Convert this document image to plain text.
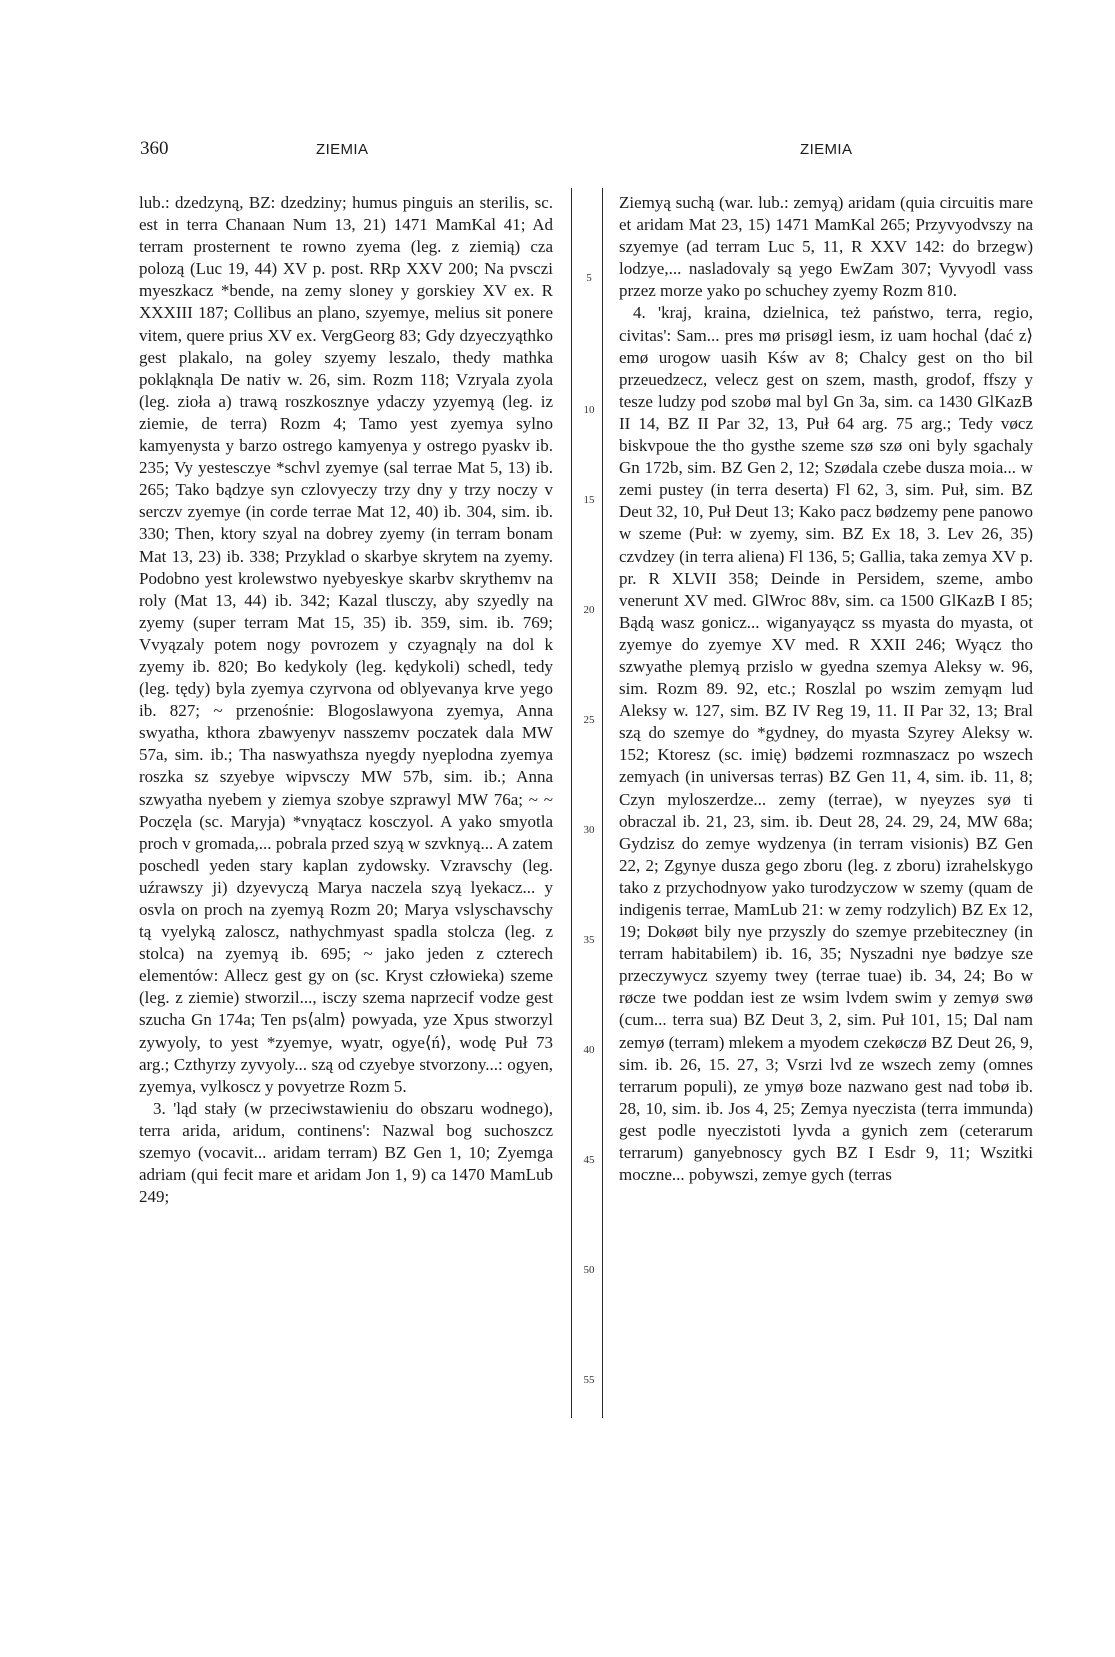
360	ZIEMIA	ZIEMIA

lub.: dzedzyną, BZ: dzedziny; humus pinguis an sterilis, sc. est in terra Chanaan Num 13, 21) 1471 MamKal 41; Ad terram prosternent te rowno zyema (leg. z ziemią) cza polozą (Luc 19, 44) XV p. post. RRp XXV 200; Na pvsczi myeszkacz *bende, na zemy sloney y gorskiey XV ex. R XXXIII 187; Collibus an plano, szyemye, melius sit ponere vitem, quere prius XV ex. VergGeorg 83; Gdy dzyeczyąthko gest plakalo, na goley szyemy leszalo, thedy mathka pokląknąla De nativ w. 26, sim. Rozm 118; Vzryala zyola (leg. zioła a) trawą roszkosznye ydaczy yzyemyą (leg. iz ziemie, de terra) Rozm 4; Tamo yest zyemya sylno kamyenysta y barzo ostrego kamyenya y ostrego pyaskv ib. 235; Vy yestesczye *schvl zyemye (sal terrae Mat 5, 13) ib. 265; Tako bądzye syn czlovyeczy trzy dny y trzy noczy v serczv zyemye (in corde terrae Mat 12, 40) ib. 304, sim. ib. 330; Then, ktory szyal na dobrey zyemy (in terram bonam Mat 13, 23) ib. 338; Przyklad o skarbye skrytem na zyemy. Podobno yest krolewstwo nyebyeskye skarbv skrythemv na roly (Mat 13, 44) ib. 342; Kazal tlusczy, aby szyedly na zyemy (super terram Mat 15, 35) ib. 359, sim. ib. 769; Vvyązaly potem nogy povrozem y czyagnąly na dol k zyemy ib. 820; Bo kedykoly (leg. kędykoli) schedl, tedy (leg. tędy) byla zyemya czyrvona od oblyevanya krve yego ib. 827; ~ przenośnie: Blogoslawyona zyemya, Anna swyatha, kthora zbawyenyv nasszemv poczatek dala MW 57a, sim. ib.; Tha naswyathsza nyegdy nyeplodna zyemya roszka sz szyebye wipvsczy MW 57b, sim. ib.; Anna szwyatha nyebem y ziemya szobye szprawyl MW 76a; ~ ~ Poczęla (sc. Maryja) *vnyątacz kosczyol. A yako smyotla proch v gromada,... pobrala przed szyą w szvknyą... A zatem poschedl yeden stary kaplan zydowsky. Vzravschy (leg. uźrawszy ji) dzyevyczą Marya naczela szyą lyekacz... y osvla on proch na zyemyą Rozm 20; Marya vslyschavschy tą vyelyką zaloscz, nathychmyast spadla stolcza (leg. z stolca) na zyemyą ib. 695; ~ jako jeden z czterech elementów: Allecz gest gy on (sc. Kryst człowieka) szeme (leg. z ziemie) stworzil..., isczy szema naprzecif vodze gest szucha Gn 174a; Ten ps⟨alm⟩ powyada, yze Xpus stworzyl zywyoly, to yest *zyemye, wyatr, ogye⟨ń⟩, wodę Puł 73 arg.; Czthyrzy zyvyoly... szą od czyebye stvorzony...: ogyen, zyemya, vylkoscz y povyetrze Rozm 5.

3. 'ląd stały (w przeciwstawieniu do obszaru wodnego), terra arida, aridum, continens': Nazwal bog suchoszcz szemyo (vocavit... aridam terram) BZ Gen 1, 10; Zyemga adriam (qui fecit mare et aridam Jon 1, 9) ca 1470 MamLub 249;

5
10
15
20
25
30
35
40
45
50
55

Ziemyą suchą (war. lub.: zemyą) aridam (quia circuitis mare et aridam Mat 23, 15) 1471 MamKal 265; Przyvyodvszy na szyemye (ad terram Luc 5, 11, R XXV 142: do brzegw) lodzye,... nasladovaly są yego EwZam 307; Vyvyodl vass przez morze yako po schuchey zyemy Rozm 810.

4. 'kraj, kraina, dzielnica, też państwo, terra, regio, civitas': Sam... pres mø prisøgl iesm, iz uam hochal ⟨dać z⟩emø urogow uasih Kśw av 8; Chalcy gest on tho bil przeuedzecz, velecz gest on szem, masth, grodof, ffszy y tesze ludzy pod szobø mal byl Gn 3a, sim. ca 1430 GlKazB II 14, BZ II Par 32, 13, Puł 64 arg. 75 arg.; Tedy vøcz biskvpoue the tho gysthe szeme szø szø oni byly sgachaly Gn 172b, sim. BZ Gen 2, 12; Szødala czebe dusza moia... w zemi pustey (in terra deserta) Fl 62, 3, sim. Puł, sim. BZ Deut 32, 10, Puł Deut 13; Kako pacz bødzemy pene panowo w szeme (Puł: w zyemy, sim. BZ Ex 18, 3. Lev 26, 35) czvdzey (in terra aliena) Fl 136, 5; Gallia, taka zemya XV p. pr. R XLVII 358; Deinde in Persidem, szeme, ambo venerunt XV med. GlWroc 88v, sim. ca 1500 GlKazB I 85; Bądą wasz gonicz... wiganyayącz ss myasta do myasta, ot zyemye do zyemye XV med. R XXII 246; Wyącz tho szwyathe plemyą przislo w gyedna szemya Aleksy w. 96, sim. Rozm 89. 92, etc.; Roszlal po wszim zemyąm lud Aleksy w. 127, sim. BZ IV Reg 19, 11. II Par 32, 13; Bral szą do szemye do *gydney, do myasta Szyrey Aleksy w. 152; Ktoresz (sc. imię) bødzemi rozmnaszacz po wszech zemyach (in universas terras) BZ Gen 11, 4, sim. ib. 11, 8; Czyn myloszerdze... zemy (terrae), w nyeyzes syø ti obraczal ib. 21, 23, sim. ib. Deut 28, 24. 29, 24, MW 68a; Gydzisz do zemye wydzenya (in terram visionis) BZ Gen 22, 2; Zgynye dusza gego zboru (leg. z zboru) izrahelskygo tako z przychodnyow yako turodzyczow w szemy (quam de indigenis terrae, MamLub 21: w zemy rodzylich) BZ Ex 12, 19; Dokøøt bily nye przyszly do szemye przebiteczney (in terram habitabilem) ib. 16, 35; Nyszadni nye bødzye sze przeczywycz szyemy twey (terrae tuae) ib. 34, 24; Bo w røcze twe poddan iest ze wsim lvdem swim y zemyø swø (cum... terra sua) BZ Deut 3, 2, sim. Puł 101, 15; Dal nam zemyø (terram) mlekem a myodem czekøczø BZ Deut 26, 9, sim. ib. 26, 15. 27, 3; Vsrzi lvd ze wszech zemy (omnes terrarum populi), ze ymyø boze nazwano gest nad tobø ib. 28, 10, sim. ib. Jos 4, 25; Zemya nyeczista (terra immunda) gest podle nyeczistoti lyvda a gynich zem (ceterarum terrarum) ganyebnoscy gych BZ I Esdr 9, 11; Wszitki moczne... pobywszi, zemye gych (terras
